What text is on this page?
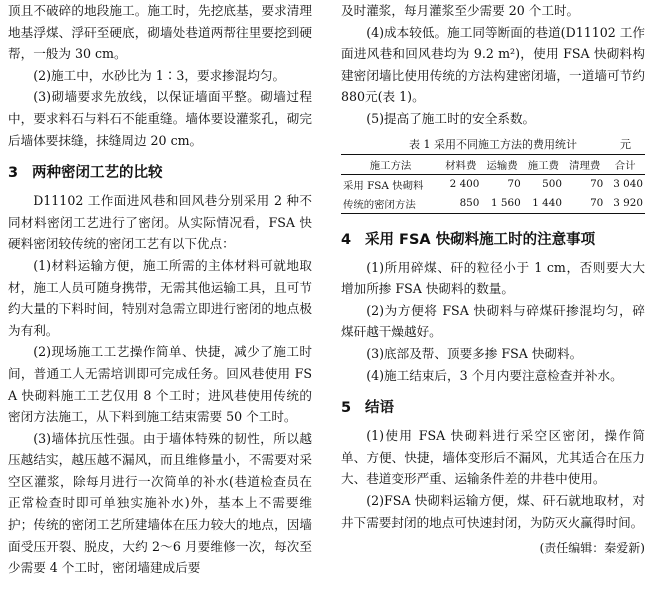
顶且不破碎的地段施工。施工时，先挖底基，要求清理地基浮煤、浮矸至硬底，砌墙处巷道两帮往里要挖到硬帮，一般为 30 cm。

(2)施工中，水砂比为 1∶3，要求掺混均匀。

(3)砌墙要求先放线，以保证墙面平整。砌墙过程中，要求料石与料石不能重缝。墙体要设灌浆孔，砌完后墙体要抹缝，抹缝周边 20 cm。

3 两种密闭工艺的比较

D11102 工作面进风巷和回风巷分别采用 2 种不同材料密闭工艺进行了密闭。从实际情况看，FSA 快硬料密闭较传统的密闭工艺有以下优点：

(1)材料运输方便，施工所需的主体材料可就地取材，施工人员可随身携带，无需其他运输工具，且可节约大量的下料时间，特别对急需立即进行密闭的地点极为有利。

(2)现场施工工艺操作简单、快捷，减少了施工时间，普通工人无需培训即可完成任务。回风巷使用 FSA 快砌料施工工艺仅用 8 个工时；进风巷使用传统的密闭方法施工，从下料到施工结束需要 50 个工时。

(3)墙体抗压性强。由于墙体特殊的韧性，所以越压越结实，越压越不漏风，而且维修量小，不需要对采空区灌浆，除每月进行一次简单的补水(巷道检查员在正常检查时即可单独实施补水)外，基本上不需要维护；传统的密闭工艺所建墙体在压力较大的地点，因墙面受压开裂、脱皮，大约 2～6 月要维修一次，每次至少需要 4 个工时，密闭墙建成后要

及时灌浆，每月灌浆至少需要 20 个工时。

(4)成本较低。施工同等断面的巷道(D11102 工作面进风巷和回风巷均为 9.2 m²)，使用 FSA 快砌料构建密闭墙比使用传统的方法构建密闭墙，一道墙可节约 880元(表 1)。

(5)提高了施工时的安全系数。

表 1 采用不同施工方法的费用统计	元
施工方法	材料费	运输费	施工费	清理费	合计
采用 FSA 快砌料	2 400	70	500	70	3 040
传统的密闭方法	850	1 560	1 440	70	3 920
4 采用 FSA 快砌料施工时的注意事项

(1)所用碎煤、矸的粒径小于 1 cm，否则要大大增加所掺 FSA 快砌料的数量。

(2)为方便将 FSA 快砌料与碎煤矸掺混均匀，碎煤矸越干燥越好。

(3)底部及帮、顶要多掺 FSA 快砌料。

(4)施工结束后，3 个月内要注意检查并补水。

5 结语

(1)使用 FSA 快砌料进行采空区密闭，操作简单、方便、快捷，墙体变形后不漏风，尤其适合在压力大、巷道变形严重、运输条件差的井巷中使用。

(2)FSA 快砌料运输方便，煤、矸石就地取材，对井下需要封闭的地点可快速封闭，为防灭火赢得时间。

(责任编辑：秦爱新)
